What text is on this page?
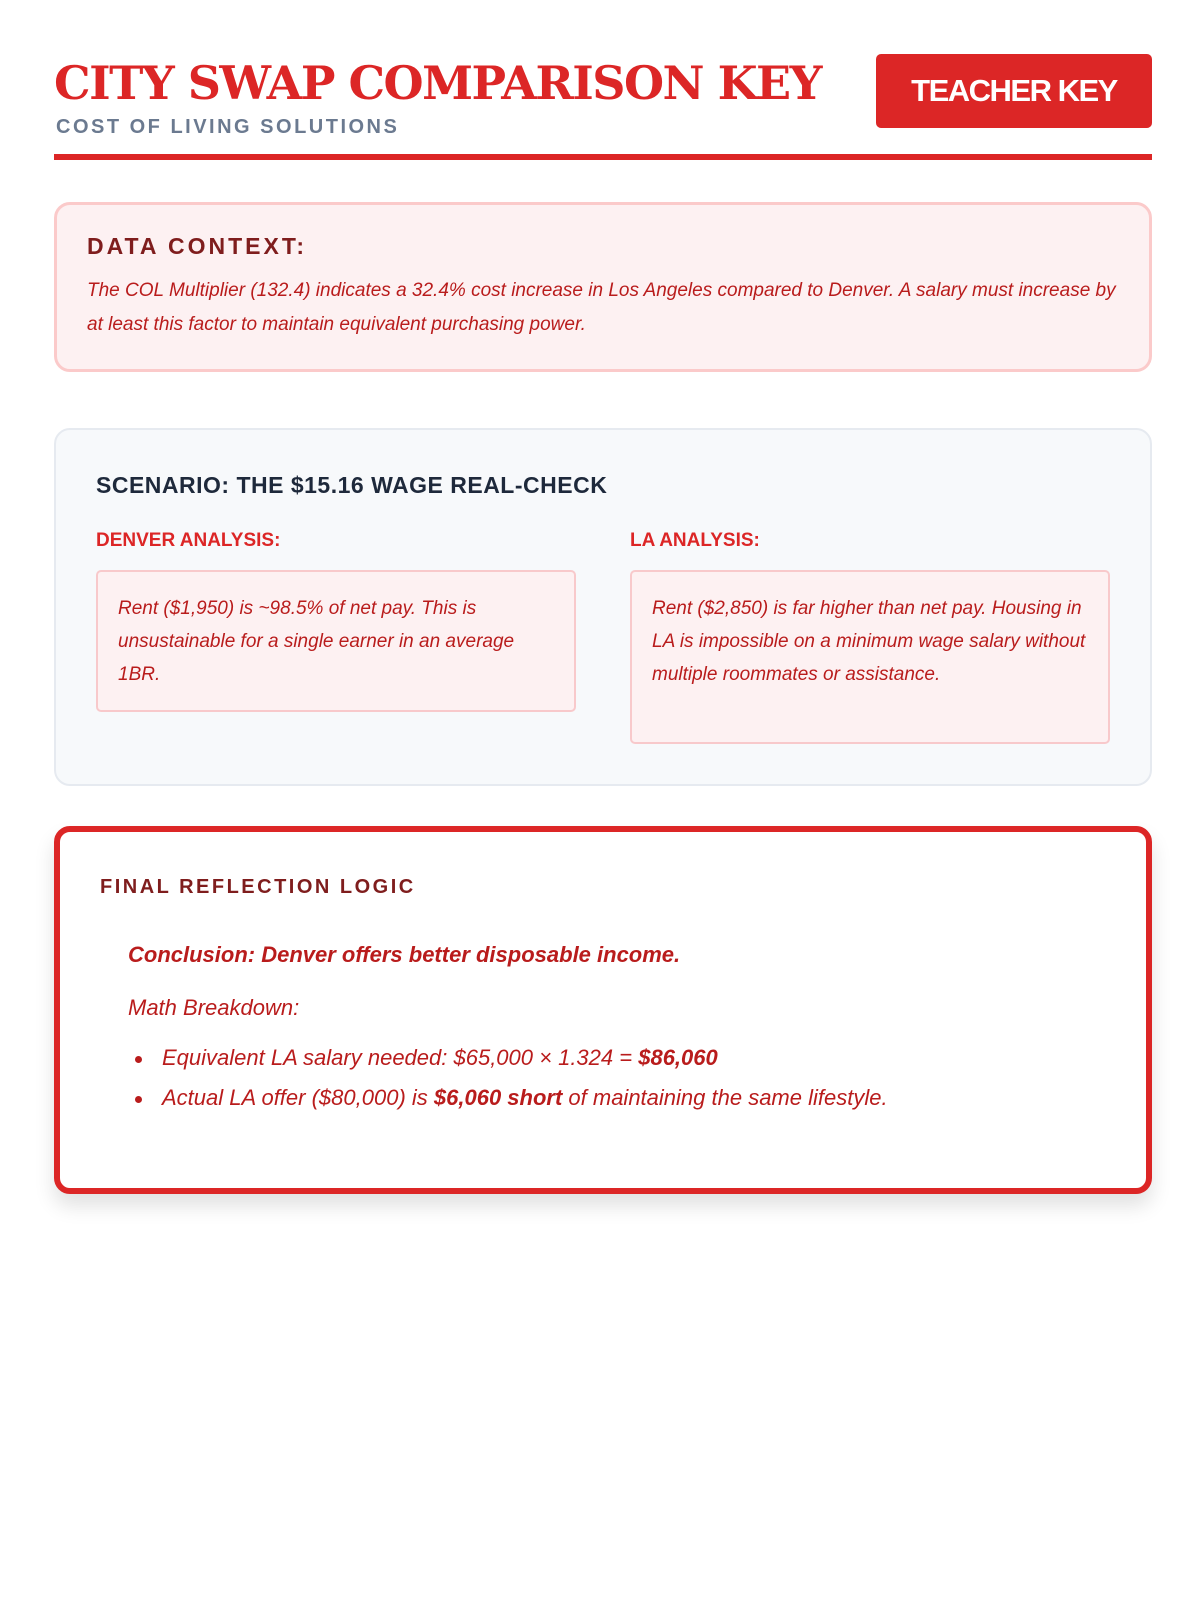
CITY SWAP COMPARISON KEY
COST OF LIVING SOLUTIONS
TEACHER KEY
DATA CONTEXT:
The COL Multiplier (132.4) indicates a 32.4% cost increase in Los Angeles compared to Denver. A salary must increase by at least this factor to maintain equivalent purchasing power.
SCENARIO: THE $15.16 WAGE REAL-CHECK
DENVER ANALYSIS:
Rent ($1,950) is ~98.5% of net pay. This is unsustainable for a single earner in an average 1BR.
LA ANALYSIS:
Rent ($2,850) is far higher than net pay. Housing in LA is impossible on a minimum wage salary without multiple roommates or assistance.
FINAL REFLECTION LOGIC
Conclusion: Denver offers better disposable income.
Math Breakdown:
Equivalent LA salary needed: $65,000 × 1.324 = $86,060
Actual LA offer ($80,000) is $6,060 short of maintaining the same lifestyle.
